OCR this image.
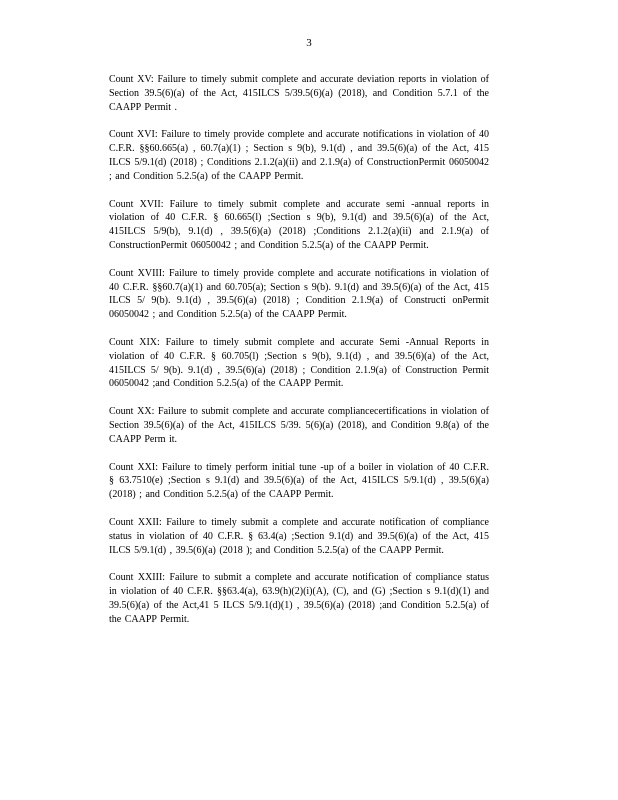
3

Count XV: Failure to timely submit complete and accurate deviation reports in violation of Section 39.5(6)(a) of the Act, 415ILCS 5/39.5(6)(a) (2018), and Condition 5.7.1 of the CAAPP Permit .

Count XVI: Failure to timely provide complete and accurate notifications in violation of 40 C.F.R. §§60.665(a) , 60.7(a)(1) ; Section s 9(b), 9.1(d) , and 39.5(6)(a) of the Act, 415 ILCS 5/9.1(d) (2018) ; Conditions 2.1.2(a)(ii) and 2.1.9(a) of ConstructionPermit 06050042 ; and Condition 5.2.5(a) of the CAAPP Permit.

Count XVII: Failure to timely submit complete and accurate semi -annual reports in violation of 40 C.F.R. § 60.665(l) ;Section s 9(b), 9.1(d) and 39.5(6)(a) of the Act, 415ILCS 5/9(b), 9.1(d) , 39.5(6)(a) (2018) ;Conditions 2.1.2(a)(ii) and 2.1.9(a) of ConstructionPermit 06050042 ; and Condition 5.2.5(a) of the CAAPP Permit.

Count XVIII: Failure to timely provide complete and accurate notifications in violation of 40 C.F.R. §§60.7(a)(1) and 60.705(a); Section s 9(b). 9.1(d) and 39.5(6)(a) of the Act, 415 ILCS 5/ 9(b). 9.1(d) , 39.5(6)(a) (2018) ; Condition 2.1.9(a) of Constructi onPermit 06050042 ; and Condition 5.2.5(a) of the CAAPP Permit.

Count XIX: Failure to timely submit complete and accurate Semi -Annual Reports in violation of 40 C.F.R. § 60.705(l) ;Section s 9(b), 9.1(d) , and 39.5(6)(a) of the Act, 415ILCS 5/ 9(b). 9.1(d) , 39.5(6)(a) (2018) ; Condition 2.1.9(a) of Construction Permit 06050042 ;and Condition 5.2.5(a) of the CAAPP Permit.

Count XX: Failure to submit complete and accurate compliancecertifications in violation of Section 39.5(6)(a) of the Act, 415ILCS 5/39. 5(6)(a) (2018), and Condition 9.8(a) of the CAAPP Perm it.

Count XXI: Failure to timely perform initial tune -up of a boiler in violation of 40 C.F.R. § 63.7510(e) ;Section s 9.1(d) and 39.5(6)(a) of the Act, 415ILCS 5/9.1(d) , 39.5(6)(a) (2018) ; and Condition 5.2.5(a) of the CAAPP Permit.

Count XXII: Failure to timely submit a complete and accurate notification of compliance status in violation of 40 C.F.R. § 63.4(a) ;Section 9.1(d) and 39.5(6)(a) of the Act, 415 ILCS 5/9.1(d) , 39.5(6)(a) (2018 ); and Condition 5.2.5(a) of the CAAPP Permit.

Count XXIII: Failure to submit a complete and accurate notification of compliance status in violation of 40 C.F.R. §§63.4(a), 63.9(h)(2)(i)(A), (C), and (G) ;Section s 9.1(d)(1) and 39.5(6)(a) of the Act,41 5 ILCS 5/9.1(d)(1) , 39.5(6)(a) (2018) ;and Condition 5.2.5(a) of the CAAPP Permit.
